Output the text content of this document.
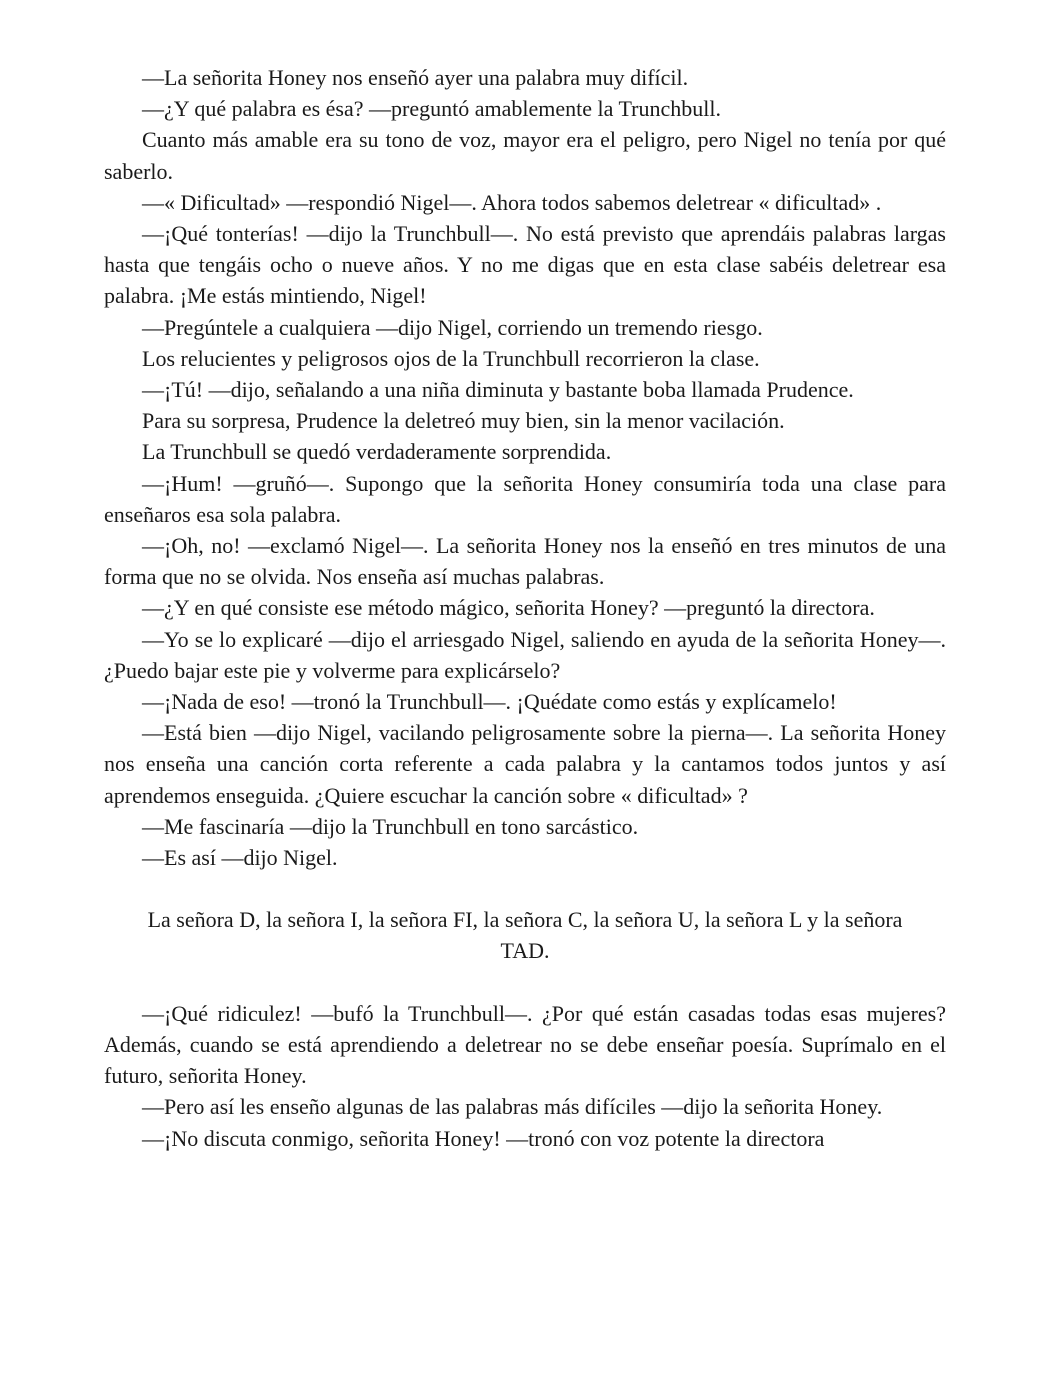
—La señorita Honey nos enseñó ayer una palabra muy difícil.

—¿Y qué palabra es ésa? —preguntó amablemente la Trunchbull.

Cuanto más amable era su tono de voz, mayor era el peligro, pero Nigel no tenía por qué saberlo.

—« Dificultad» —respondió Nigel—. Ahora todos sabemos deletrear « dificultad» .

—¡Qué tonterías! —dijo la Trunchbull—. No está previsto que aprendáis palabras largas hasta que tengáis ocho o nueve años. Y no me digas que en esta clase sabéis deletrear esa palabra. ¡Me estás mintiendo, Nigel!

—Pregúntele a cualquiera —dijo Nigel, corriendo un tremendo riesgo.

Los relucientes y peligrosos ojos de la Trunchbull recorrieron la clase.

—¡Tú! —dijo, señalando a una niña diminuta y bastante boba llamada Prudence.

Para su sorpresa, Prudence la deletreó muy bien, sin la menor vacilación.

La Trunchbull se quedó verdaderamente sorprendida.

—¡Hum! —gruñó—. Supongo que la señorita Honey consumiría toda una clase para enseñaros esa sola palabra.

—¡Oh, no! —exclamó Nigel—. La señorita Honey nos la enseñó en tres minutos de una forma que no se olvida. Nos enseña así muchas palabras.

—¿Y en qué consiste ese método mágico, señorita Honey? —preguntó la directora.

—Yo se lo explicaré —dijo el arriesgado Nigel, saliendo en ayuda de la señorita Honey—. ¿Puedo bajar este pie y volverme para explicárselo?

—¡Nada de eso! —tronó la Trunchbull—. ¡Quédate como estás y explícamelo!

—Está bien —dijo Nigel, vacilando peligrosamente sobre la pierna—. La señorita Honey nos enseña una canción corta referente a cada palabra y la cantamos todos juntos y así aprendemos enseguida. ¿Quiere escuchar la canción sobre « dificultad» ?

—Me fascinaría —dijo la Trunchbull en tono sarcástico.

—Es así —dijo Nigel.

La señora D, la señora I, la señora FI, la señora C, la señora U, la señora L y la señora TAD.

—¡Qué ridiculez! —bufó la Trunchbull—. ¿Por qué están casadas todas esas mujeres? Además, cuando se está aprendiendo a deletrear no se debe enseñar poesía. Suprímalo en el futuro, señorita Honey.

—Pero así les enseño algunas de las palabras más difíciles —dijo la señorita Honey.

—¡No discuta conmigo, señorita Honey! —tronó con voz potente la directora
